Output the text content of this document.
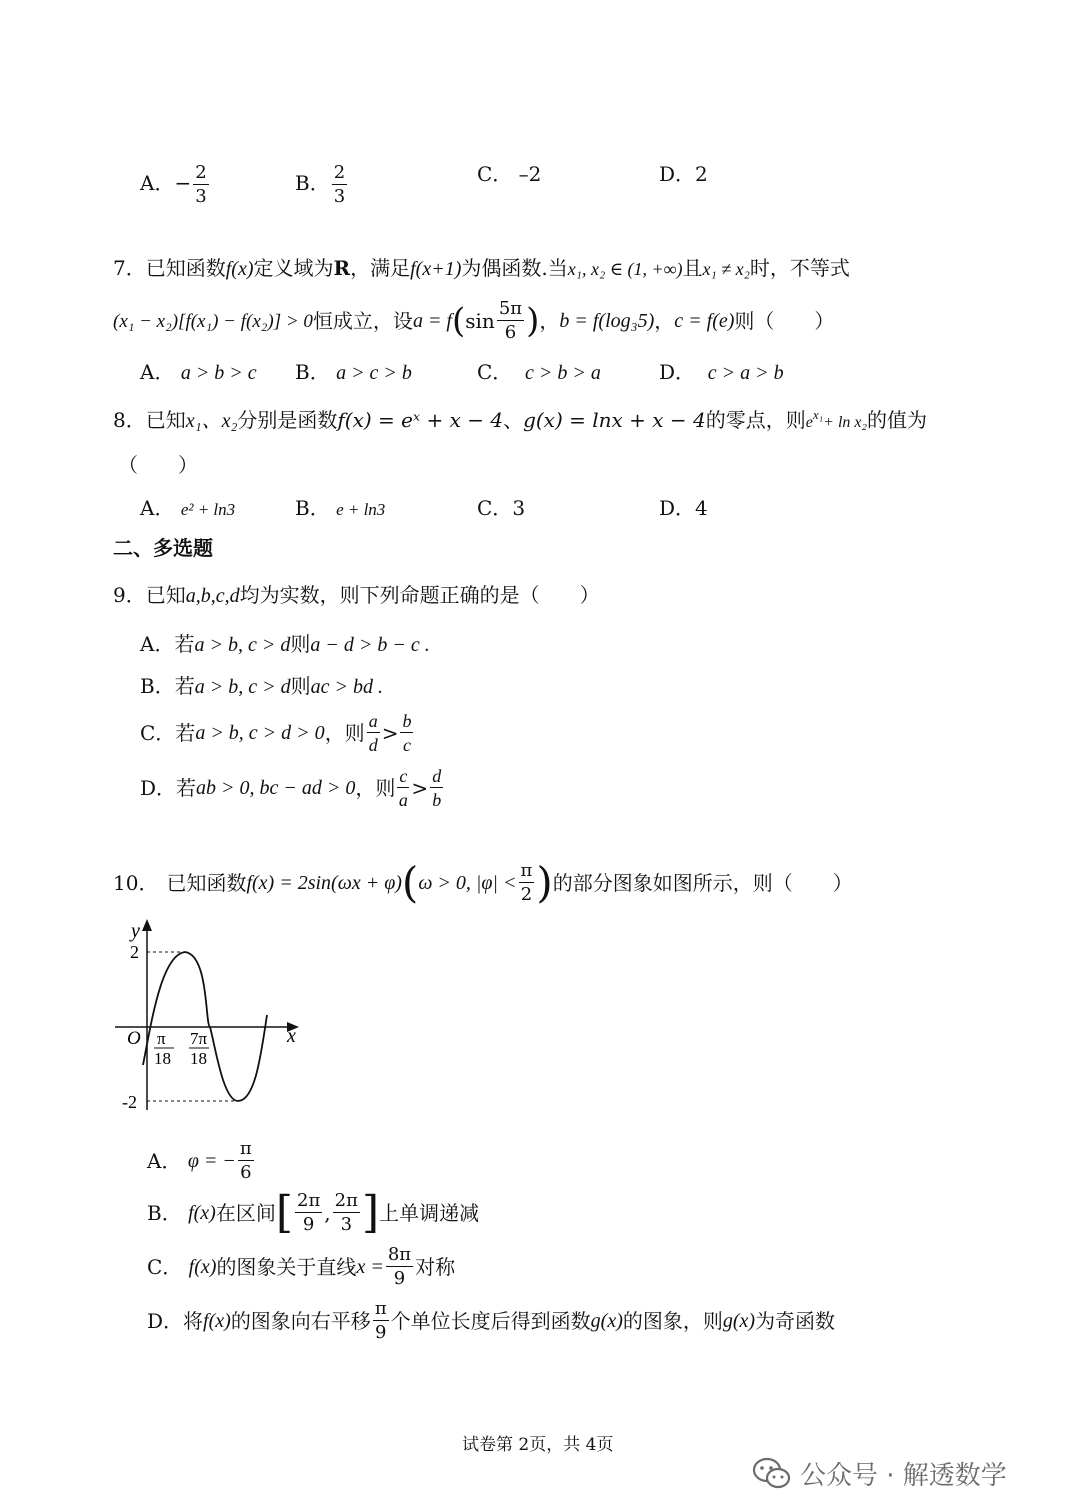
A．− $\frac{2}{3}$	B． $\frac{2}{3}$	C． –2	D．2
7．已知函数f(x)定义域为R，满足f(x+1)为偶函数.当x₁, x₂ ∈ (1, +∞)且x₁ ≠ x₂时，不等式
(x₁ − x₂)[f(x₁) − f(x₂)] > 0 恒成立，设 a = f ( $\sin \frac{5\pi}{6}$ ) ， b = f(log₃5) ， c = f(e) 则（　　）
A． a > b > c B． a > c > b	C． c > b > a	D． c > a > b
8．已知x₁、x₂分别是函数f(x) = eˣ + x − 4、g(x) = lnx + x − 4的零点，则$e^{x_1}+ \ln x_2$的值为
（　　）
A． e² + ln3	B． e + ln3	C．3	D．4
二、多选题
9．已知a,b,c,d均为实数，则下列命题正确的是（　　）
A．若a > b, c > d则a − d > b − c .
B．若a > b, c > d则ac > bd .
C．若 a > b, c > d > 0 ，则 $\frac{a}{d} > \frac{b}{c}$
D．若 ab > 0, bc − ad > 0 ，则 $\frac{c}{a} > \frac{d}{b}$
10． 已知函数 f(x) = 2sin(ωx + φ) ( ω > 0, $|\varphi| < \frac{\pi}{2}$ ) 的部分图象如图所示，则（　　）
y
x
O
2
-2
π
18
7π
18
A．
φ = − $\frac{\pi}{6}$
B．
f(x) 在区间 [ $\frac{2\pi}{9}$ , $\frac{2\pi}{3}$ ] 上单调递减
C．
f(x) 的图象关于直线 $x = \frac{8\pi}{9}$ 对称
D． 将 f(x) 的图象向右平移 $\frac{\pi}{9}$ 个单位长度后得到函数 g(x) 的图象，则 g(x) 为奇函数
试卷第 2页，共 4页
公众号 · 解透数学
